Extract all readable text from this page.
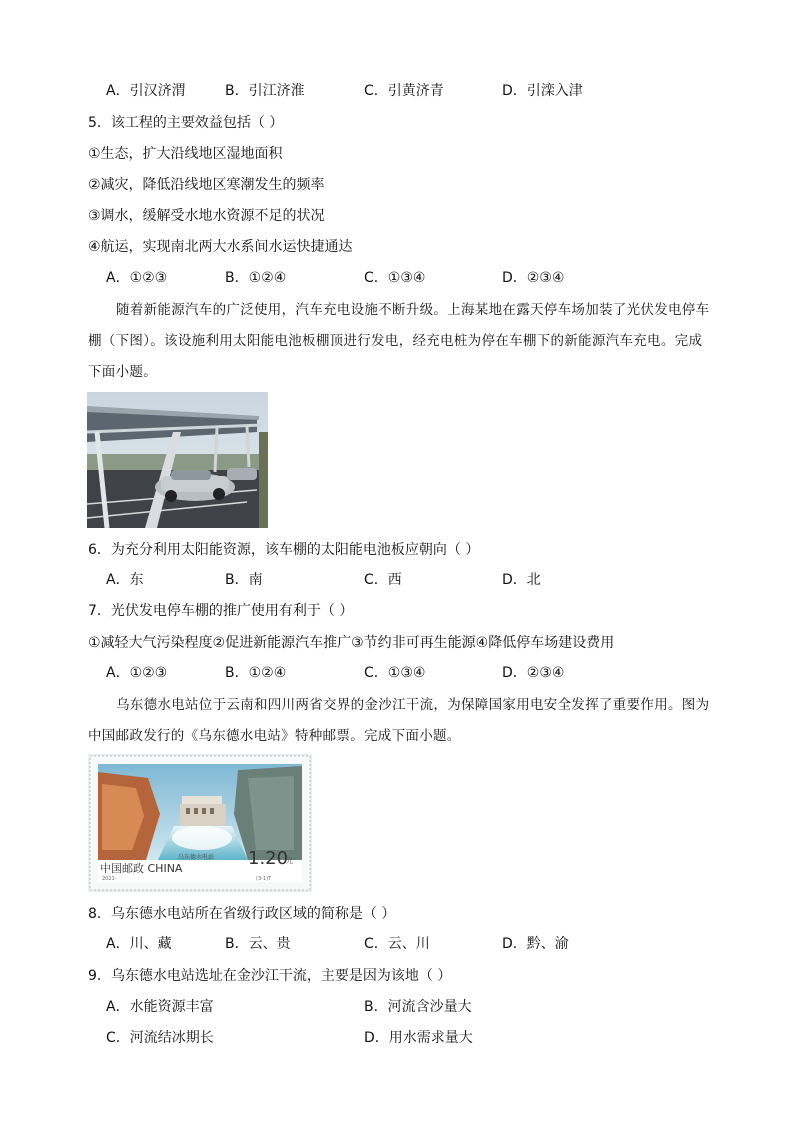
A．引汉济渭	B．引江济淮	C．引黄济青	D．引滦入津
5．该工程的主要效益包括（ ）
①生态，扩大沿线地区湿地面积
②减灾，降低沿线地区寒潮发生的频率
③调水，缓解受水地水资源不足的状况
④航运，实现南北两大水系间水运快捷通达
A．①②③	B．①②④	C．①③④	D．②③④
随着新能源汽车的广泛使用，汽车充电设施不断升级。上海某地在露天停车场加装了光伏发电停车棚（下图）。该设施利用太阳能电池板棚顶进行发电，经充电桩为停在车棚下的新能源汽车充电。完成下面小题。
6．为充分利用太阳能资源，该车棚的太阳能电池板应朝向（ ）
A．东	B．南	C．西	D．北
7．光伏发电停车棚的推广使用有利于（ ）
①减轻大气污染程度②促进新能源汽车推广③节约非可再生能源④降低停车场建设费用
A．①②③	B．①②④	C．①③④	D．②③④
乌东德水电站位于云南和四川两省交界的金沙江干流，为保障国家用电安全发挥了重要作用。图为中国邮政发行的《乌东德水电站》特种邮票。完成下面小题。
2021-	(3-1)T
中国邮政 CHINA
乌东德水电站 1.20
元
8．乌东德水电站所在省级行政区域的简称是（ ）
A．川、藏	B．云、贵	C．云、川	D．黔、渝
9．乌东德水电站选址在金沙江干流，主要是因为该地（ ）
A．水能资源丰富	B．河流含沙量大
C．河流结冰期长	D．用水需求量大
